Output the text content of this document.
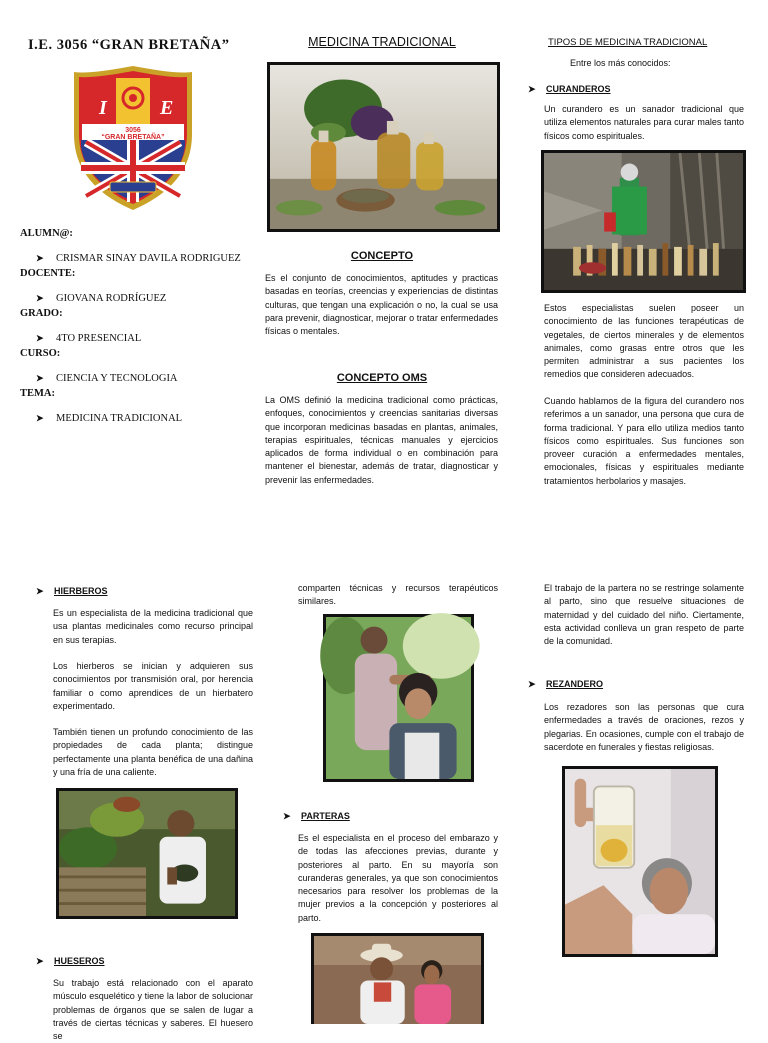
I.E. 3056 “GRAN BRETAÑA”
I	E
3056
“GRAN BRETAÑA”
ALUMN@:
➤ CRISMAR SINAY DAVILA RODRIGUEZ
DOCENTE:
➤ GIOVANA RODRÍGUEZ
GRADO:
➤ 4TO PRESENCIAL
CURSO:
➤ CIENCIA Y TECNOLOGIA
TEMA:
➤ MEDICINA TRADICIONAL
MEDICINA TRADICIONAL
CONCEPTO

Es el conjunto de conocimientos, aptitudes y practicas basadas en teorías, creencias y experiencias de distintas culturas, que tengan una explicación o no, la cual se usa para prevenir, diagnosticar, mejorar o tratar enfermedades físicas o mentales.

CONCEPTO OMS

La OMS definió la medicina tradicional como prácticas, enfoques, conocimientos y creencias sanitarias diversas que incorporan medicinas basadas en plantas, animales, terapias espirituales, técnicas manuales y ejercicios aplicados de forma individual o en combinación para mantener el bienestar, además de tratar, diagnosticar y prevenir las enfermedades.

TIPOS DE MEDICINA TRADICIONAL
Entre los más conocidos:
➤ CURANDEROS

Un curandero es un sanador tradicional que utiliza elementos naturales para curar males tanto físicos como espirituales.

Estos especialistas suelen poseer un conocimiento de las funciones terapéuticas de vegetales, de ciertos minerales y de elementos animales, como grasas entre otros que les permiten administrar a sus pacientes los remedios que consideren adecuados.

Cuando hablamos de la figura del curandero nos referimos a un sanador, una persona que cura de forma tradicional. Y para ello utiliza medios tanto físicos como espirituales. Sus funciones son proveer curación a enfermedades mentales, emocionales, físicas y espirituales mediante tratamientos herbolarios y masajes.

➤ HIERBEROS

Es un especialista de la medicina tradicional que usa plantas medicinales como recurso principal en sus terapias.

Los hierberos se inician y adquieren sus conocimientos por transmisión oral, por herencia familiar o como aprendices de un hierbatero experimentado.

También tienen un profundo conocimiento de las propiedades de cada planta; distingue perfectamente una planta benéfica de una dañina y una fría de una caliente.

➤ HUESEROS

Su trabajo está relacionado con el aparato músculo esquelético y tiene la labor de solucionar problemas de órganos que se salen de lugar a través de ciertas técnicas y saberes. El huesero se

comparten técnicas y recursos terapéuticos similares.

➤ PARTERAS

Es el especialista en el proceso del embarazo y de todas las afecciones previas, durante y posteriores al parto. En su mayoría son curanderas generales, ya que son conocimientos necesarios para resolver los problemas de la mujer previos a la concepción y posteriores al parto.

El trabajo de la partera no se restringe solamente al parto, sino que resuelve situaciones de maternidad y del cuidado del niño. Ciertamente, esta actividad conlleva un gran respeto de parte de la comunidad.

➤ REZANDERO

Los rezadores son las personas que cura enfermedades a través de oraciones, rezos y plegarias. En ocasiones, cumple con el trabajo de sacerdote en funerales y fiestas religiosas.
